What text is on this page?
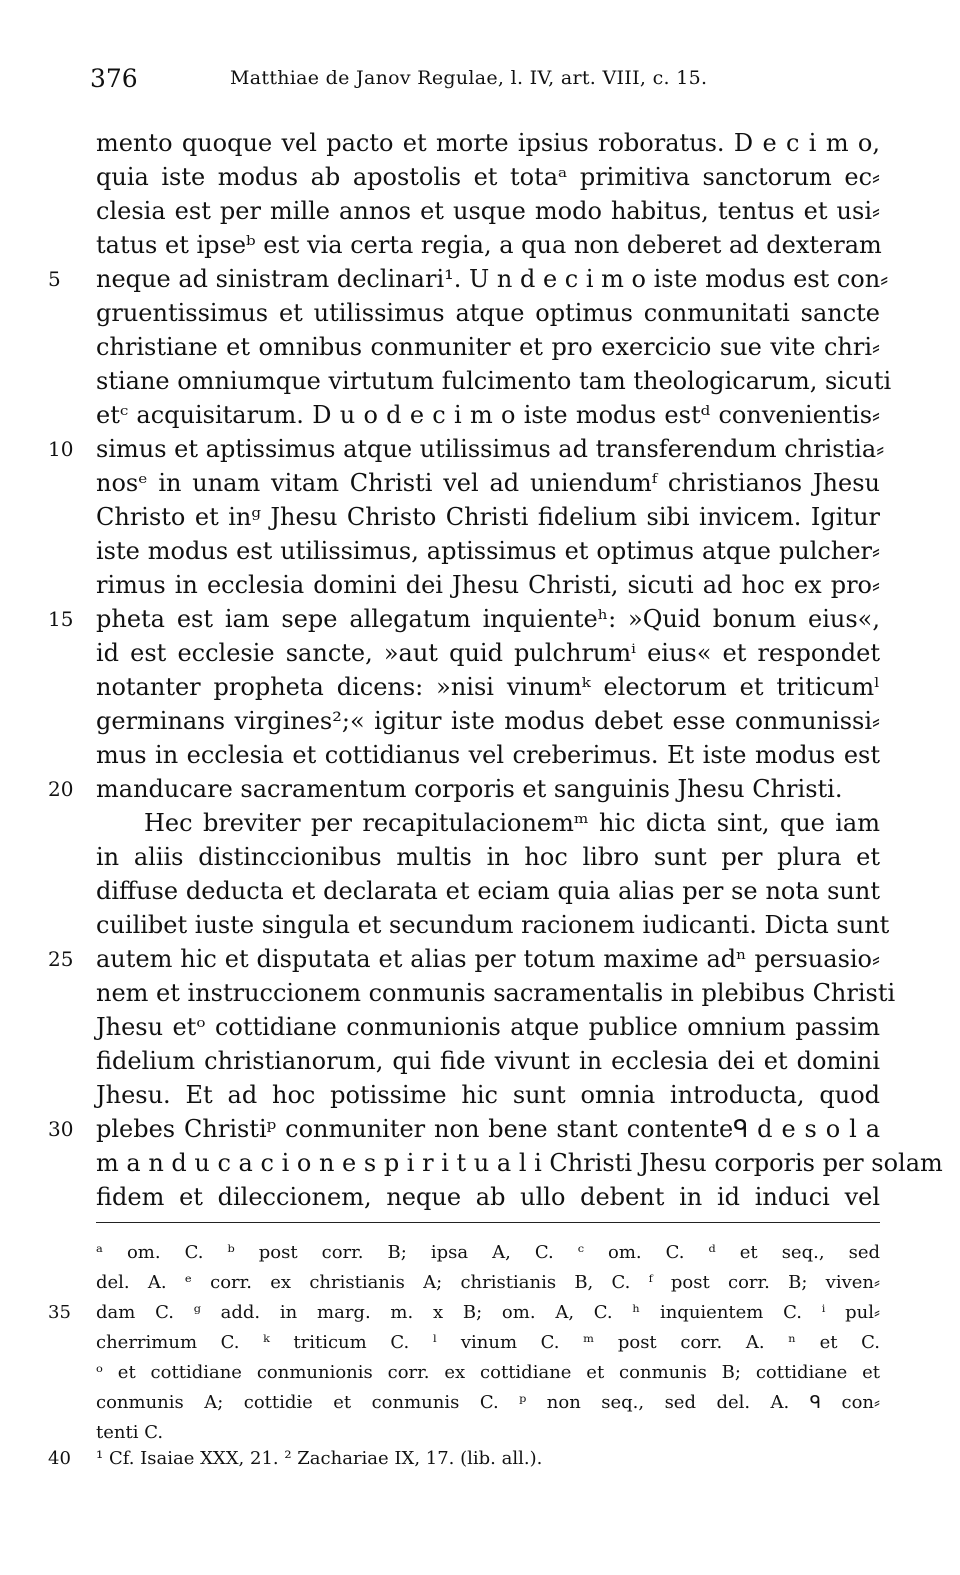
376	Matthiae de Janov Regulae, l. IV, art. VIII, c. 15.
mento quoque vel pacto et morte ipsius roboratus. D e c i m o,
quia iste modus ab apostolis et totaᵃ primitiva sanctorum ec⸗
clesia est per mille annos et usque modo habitus, tentus et usi⸗
tatus et ipseᵇ est via certa regia, a qua non deberet ad dexteram
5 neque ad sinistram declinari¹. U n d e c i m o iste modus est con⸗
gruentissimus et utilissimus atque optimus conmunitati sancte
christiane et omnibus conmuniter et pro exercicio sue vite chri⸗
stiane omniumque virtutum fulcimento tam theologicarum, sicuti
etᶜ acquisitarum. D u o d e c i m o iste modus estᵈ convenientis⸗
10 simus et aptissimus atque utilissimus ad transferendum christia⸗
nosᵉ in unam vitam Christi vel ad uniendumᶠ christianos Jhesu
Christo et inᵍ Jhesu Christo Christi fidelium sibi invicem. Igitur
iste modus est utilissimus, aptissimus et optimus atque pulcher⸗
rimus in ecclesia domini dei Jhesu Christi, sicuti ad hoc ex pro⸗
15 pheta est iam sepe allegatum inquienteʰ: »Quid bonum eius«,
id est ecclesie sancte, »aut quid pulchrumⁱ eius« et respondet
notanter propheta dicens: »nisi vinumᵏ electorum et triticumˡ
germinans virgines²;« igitur iste modus debet esse conmunissi⸗
mus in ecclesia et cottidianus vel creberimus. Et iste modus est
20 manducare sacramentum corporis et sanguinis Jhesu Christi.
Hec breviter per recapitulacionemᵐ hic dicta sint, que iam
in aliis distinccionibus multis in hoc libro sunt per plura et
diffuse deducta et declarata et eciam quia alias per se nota sunt
cuilibet iuste singula et secundum racionem iudicanti. Dicta sunt
25 autem hic et disputata et alias per totum maxime adⁿ persuasio⸗
nem et instruccionem conmunis sacramentalis in plebibus Christi
Jhesu etᵒ cottidiane conmunionis atque publice omnium passim
fidelium christianorum, qui fide vivunt in ecclesia dei et domini
Jhesu. Et ad hoc potissime hic sunt omnia introducta, quod
30 plebes Christiᵖ conmuniter non bene stant contenteᑫ d e s o l a
m a n d u c a c i o n e s p i r i t u a l i Christi Jhesu corporis per solam
fidem et dileccionem, neque ab ullo debent in id induci vel
ᵃ om. C. ᵇ post corr. B; ipsa A, C. ᶜ om. C. ᵈ et seq., sed
del. A. ᵉ corr. ex christianis A; christianis B, C. ᶠ post corr. B; viven⸗
35 dam C. ᵍ add. in marg. m. x B; om. A, C. ʰ inquientem C. ⁱ pul⸗
cherrimum C. ᵏ triticum C. ˡ vinum C. ᵐ post corr. A. ⁿ et C.
ᵒ et cottidiane conmunionis corr. ex cottidiane et conmunis B; cottidiane et
conmunis A; cottidie et conmunis C. ᵖ non seq., sed del. A. ᑫ con⸗
tenti C.
40 ¹ Cf. Isaiae XXX, 21. ² Zachariae IX, 17. (lib. all.).
